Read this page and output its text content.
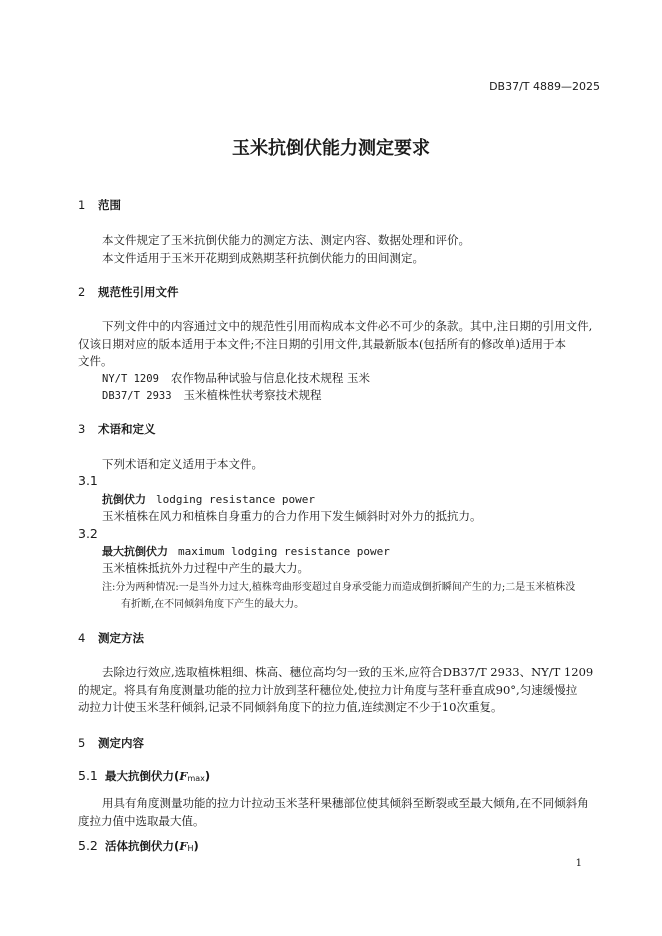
DB37/T 4889—2025
玉米抗倒伏能力测定要求
1 范围
本文件规定了玉米抗倒伏能力的测定方法、测定内容、数据处理和评价。
本文件适用于玉米开花期到成熟期茎秆抗倒伏能力的田间测定。
2 规范性引用文件
下列文件中的内容通过文中的规范性引用而构成本文件必不可少的条款。其中,注日期的引用文件,
仅该日期对应的版本适用于本文件;不注日期的引用文件,其最新版本(包括所有的修改单)适用于本
文件。
NY/T 1209 农作物品种试验与信息化技术规程 玉米
DB37/T 2933 玉米植株性状考察技术规程
3 术语和定义
下列术语和定义适用于本文件。
3.1
抗倒伏力 lodging resistance power
玉米植株在风力和植株自身重力的合力作用下发生倾斜时对外力的抵抗力。
3.2
最大抗倒伏力 maximum lodging resistance power
玉米植株抵抗外力过程中产生的最大力。
注:分为两种情况:一是当外力过大,植株弯曲形变超过自身承受能力而造成倒折瞬间产生的力;二是玉米植株没
有折断,在不同倾斜角度下产生的最大力。
4 测定方法
去除边行效应,选取植株粗细、株高、穗位高均匀一致的玉米,应符合DB37/T 2933、NY/T 1209
的规定。将具有角度测量功能的拉力计放到茎秆穗位处,使拉力计角度与茎秆垂直成90°,匀速缓慢拉
动拉力计使玉米茎秆倾斜,记录不同倾斜角度下的拉力值,连续测定不少于10次重复。
5 测定内容
5.1 最大抗倒伏力(Fmax)
用具有角度测量功能的拉力计拉动玉米茎秆果穗部位使其倾斜至断裂或至最大倾角,在不同倾斜角
度拉力值中选取最大值。
5.2 活体抗倒伏力(FH)
1
